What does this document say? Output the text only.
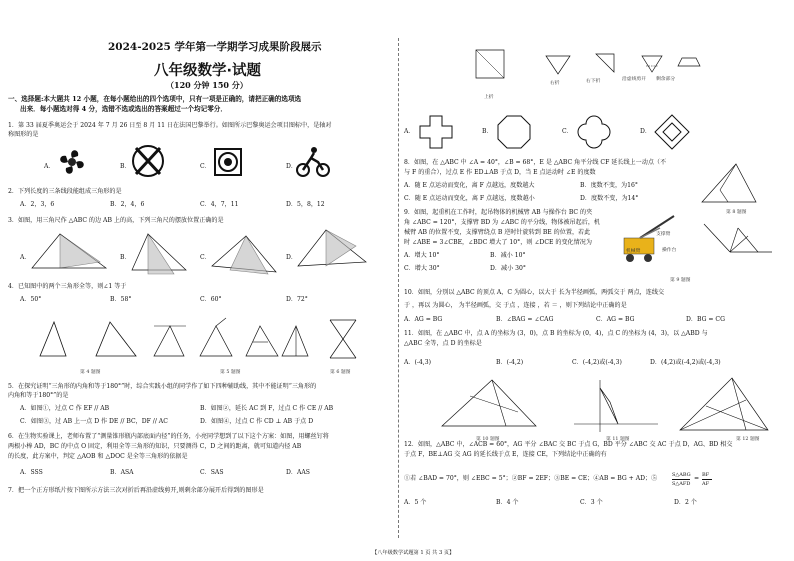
2024-2025 学年第一学期学习成果阶段展示
八年级数学·试题
（120 分钟 150 分）
一、选择题:本大题共 12 小题，在每小题给出的四个选项中，只有一项是正确的，请把正确的选项选
出来．每小题选对得 4 分，选错不选或选出的答案超过一个均记零分．
1．第 33 届夏季奥运会于 2024 年 7 月 26 日至 8 月 11 日在法国巴黎举行。如图所示巴黎奥运会项目图标中，是轴对
称图形的是
A．	B．	C．	D．
2．下列长度的三条线段能组成三角形的是
A．2，3，6	B．2，4，6	C．4，7，11	D．5，8，12
3．如图，用三角尺作 △ABC 的边 AB 上的高，下列三角尺的摆放位置正确的是
A．	B．	C．	D．
4．已知图中的两个三角形全等，则∠1 等于
A．50°	B．58°	C．60°	D．72°
第 4 题图	第 5 题图	第 6 题图
5．在探究证明“三角形的内角和等于180°”时，综合实践小组的同学作了如下四种辅助线，其中不能证明“三角形的
内角和等于180°”的是
A．如图①，过点 C 作 EF // AB	B．如图②，延长 AC 到 F，过点 C 作 CE // AB
C．如图③，过 AB 上一点 D 作 DE // BC，DF // AC	D．如图④，过点 C 作 CD ⊥ AB 于点 D
6．在生物实验课上，老师布置了“测量锥形瓶内部底面内径”的任务，小亮同学想到了以下这个方案：如图，用螺丝钉将
两根小棒 AD，BC 的中点 O 固定，利用全等三角形的知识，只要测得 C，D 之间的距离，就可知道内径 AB
的长度，此方案中，判定 △AOB 和 △DOC 是全等三角形的依据是
A．SSS	B．ASA	C．SAS	D．AAS
7．把一个正方形纸片按下图所示方法三次对折后再沿虚线剪开,则剩余部分展开后得到的图形是
上折
右折	右下折	沿虚线剪开 剩余部分
A．	B．	C．	D．
8．如图，在 △ABC 中 ∠A = 40°，∠B = 68°，E 是 △ABC 角平分线 CF 延长线上一动点（不
与 F 的重合），过点 E 作 ED⊥AB 于点 D，当 E 点运动时 ∠E 的度数
A．随 E 点运动而变化，离 F 点越远，度数越大	B．度数不变，为16°
C．随 E 点运动而变化，离 F 点越远，度数越小	D．度数不变，为14°
第 8 题图
9．如图，起重机在工作时，起吊物体的机械臂 AB 与操作台 BC 的夹
角 ∠ABC = 120°，支撑臂 BD 为 ∠ABC 的平分线，物体被吊起后，机
械臂 AB 的位置不变，支撑臂绕点 B 逆时针旋转到 BE 的位置，若此
时 ∠ABE = 3∠CBE，∠BDC 增大了 10°，则 ∠DCE 的变化情况为
A．增大 10°	B．减小 10°
C．增大 30°	D．减小 30°
支撑臂
机械臂	操作台
第 9 题图
10．如图，分别以 △ABC 的顶点 A，C 为圆心，以大于 长为半径画弧，两弧交于 两点，连线交
于 ，再以 为圆心， 为半径画弧，交 于点 ，连接 ，若 ＝ ，则下列结论中正确的是
A．AG = BG	B．∠BAG = ∠CAG	C．AG = BG	D．BG = CG
11．如图，在 △ABC 中，点 A 的坐标为 (3，0)，点 B 的坐标为 (0，4)，点 C 的坐标为 (4，3)，以 △ABD 与
△ABC 全等，点 D 的坐标是
A．(-4,3)	B．(-4,2)	C．(-4,2)或(-4,3)	D．(4,2)或(-4,2)或(-4,3)
第 10 题图	第 11 题图	第 12 题图
12．如图，△ABC 中，∠ACB = 60°，AG 平分 ∠BAC 交 BC 于点 G，BD 平分 ∠ABC 交 AC 于点 D，AG、BD 相交
于点 F，BE⊥AG 交 AG 的延长线于点 E，连接 CE，下列结论中正确的有
①若 ∠BAD = 70°，则 ∠EBC = 5°；②BF = 2EF；③BE = CE；④AB = BG + AD；⑤	S△ABG
S△AFD
= BF
AF
A．5 个	B．4 个	C．3 个	D．2 个
【八年级数学试题第 1 页 共 3 页】
